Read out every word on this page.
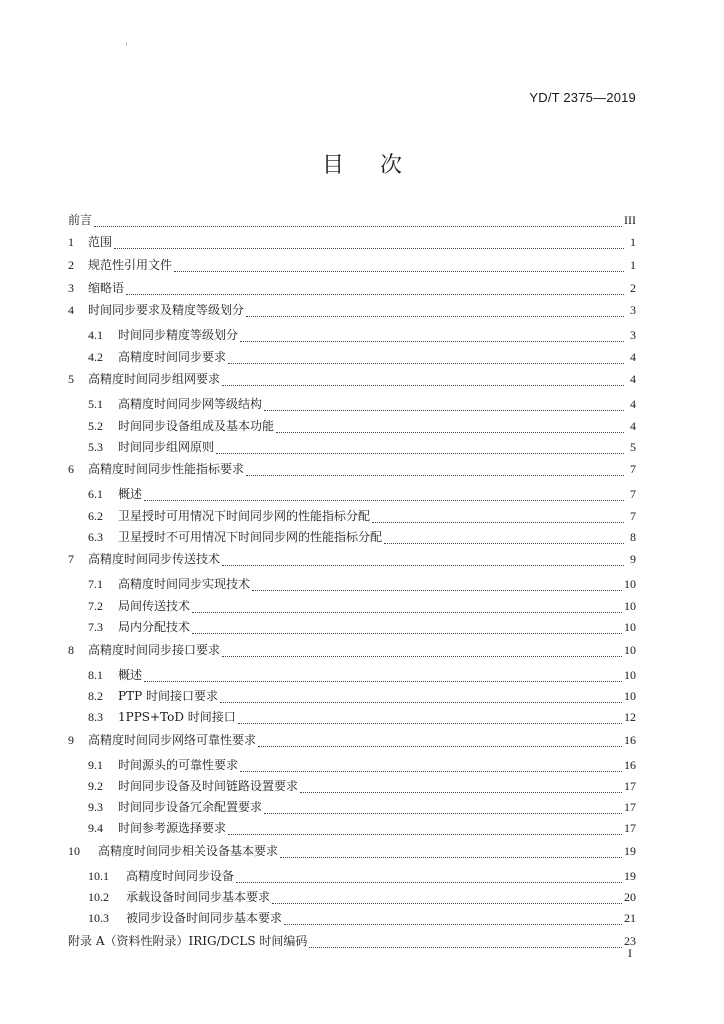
YD/T 2375—2019
目次
前言	III
1	范围	1
2	规范性引用文件	1
3	缩略语	2
4	时间同步要求及精度等级划分	3
4.1	时间同步精度等级划分	3
4.2	高精度时间同步要求	4
5	高精度时间同步组网要求	4
5.1	高精度时间同步网等级结构	4
5.2	时间同步设备组成及基本功能	4
5.3	时间同步组网原则	5
6	高精度时间同步性能指标要求	7
6.1	概述	7
6.2	卫星授时可用情况下时间同步网的性能指标分配	7
6.3	卫星授时不可用情况下时间同步网的性能指标分配	8
7	高精度时间同步传送技术	9
7.1	高精度时间同步实现技术	10
7.2	局间传送技术	10
7.3	局内分配技术	10
8	高精度时间同步接口要求	10
8.1	概述	10
8.2	PTP 时间接口要求	10
8.3	1PPS+ToD 时间接口	12
9	高精度时间同步网络可靠性要求	16
9.1	时间源头的可靠性要求	16
9.2	时间同步设备及时间链路设置要求	17
9.3	时间同步设备冗余配置要求	17
9.4	时间参考源选择要求	17
10	高精度时间同步相关设备基本要求	19
10.1	高精度时间同步设备	19
10.2	承载设备时间同步基本要求	20
10.3	被同步设备时间同步基本要求	21
附录 A（资料性附录）IRIG/DCLS 时间编码	23
I
